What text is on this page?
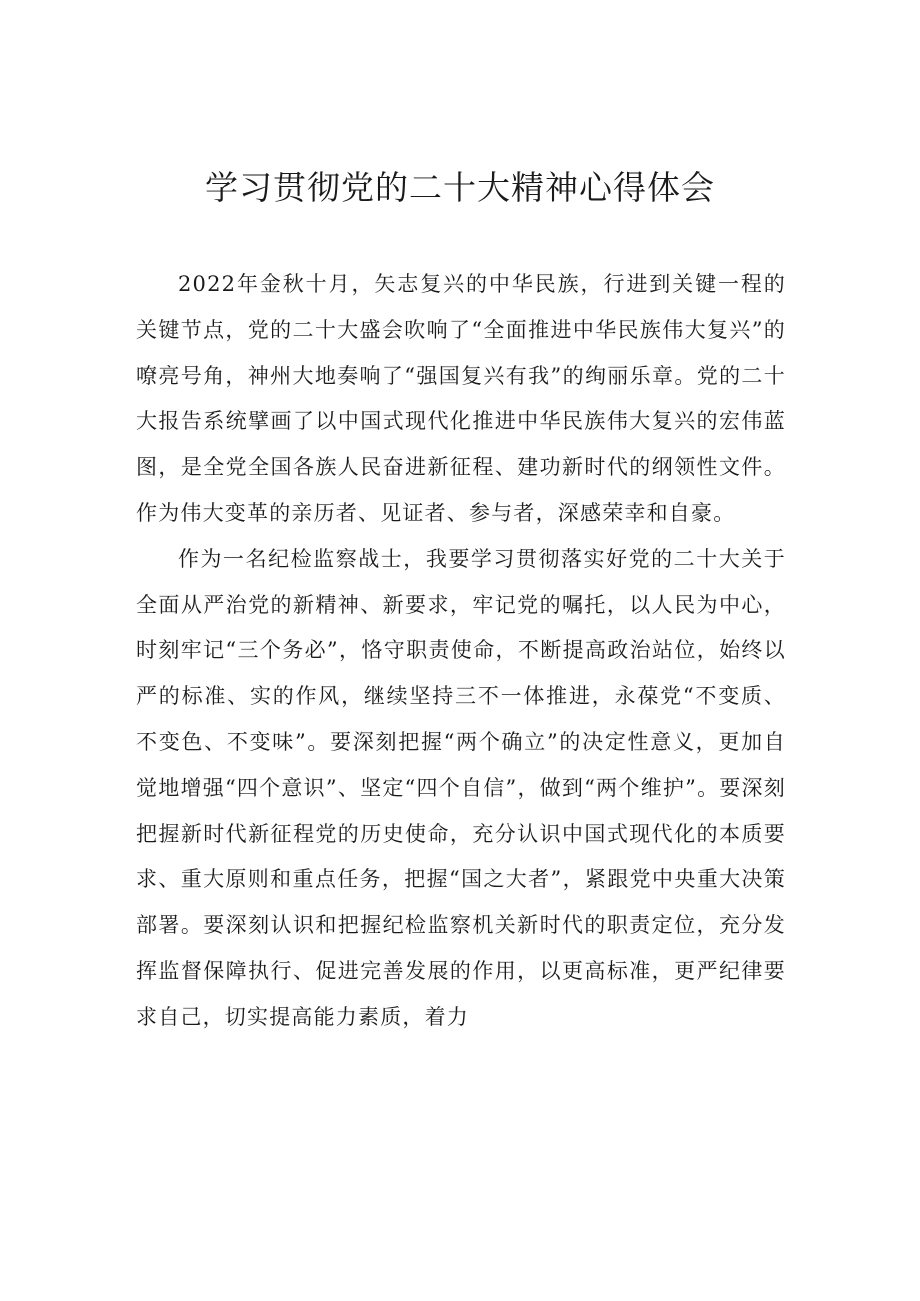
学习贯彻党的二十大精神心得体会

2022年金秋十月，矢志复兴的中华民族，行进到关键一程的关键节点，党的二十大盛会吹响了“全面推进中华民族伟大复兴”的嘹亮号角，神州大地奏响了“强国复兴有我”的绚丽乐章。党的二十大报告系统擘画了以中国式现代化推进中华民族伟大复兴的宏伟蓝图，是全党全国各族人民奋进新征程、建功新时代的纲领性文件。作为伟大变革的亲历者、见证者、参与者，深感荣幸和自豪。

作为一名纪检监察战士，我要学习贯彻落实好党的二十大关于全面从严治党的新精神、新要求，牢记党的嘱托，以人民为中心，时刻牢记“三个务必”，恪守职责使命，不断提高政治站位，始终以严的标准、实的作风，继续坚持三不一体推进，永葆党“不变质、不变色、不变味”。要深刻把握“两个确立”的决定性意义，更加自觉地增强“四个意识”、坚定“四个自信”，做到“两个维护”。要深刻把握新时代新征程党的历史使命，充分认识中国式现代化的本质要求、重大原则和重点任务，把握“国之大者”，紧跟党中央重大决策部署。要深刻认识和把握纪检监察机关新时代的职责定位，充分发挥监督保障执行、促进完善发展的作用，以更高标准，更严纪律要求自己，切实提高能力素质，着力
